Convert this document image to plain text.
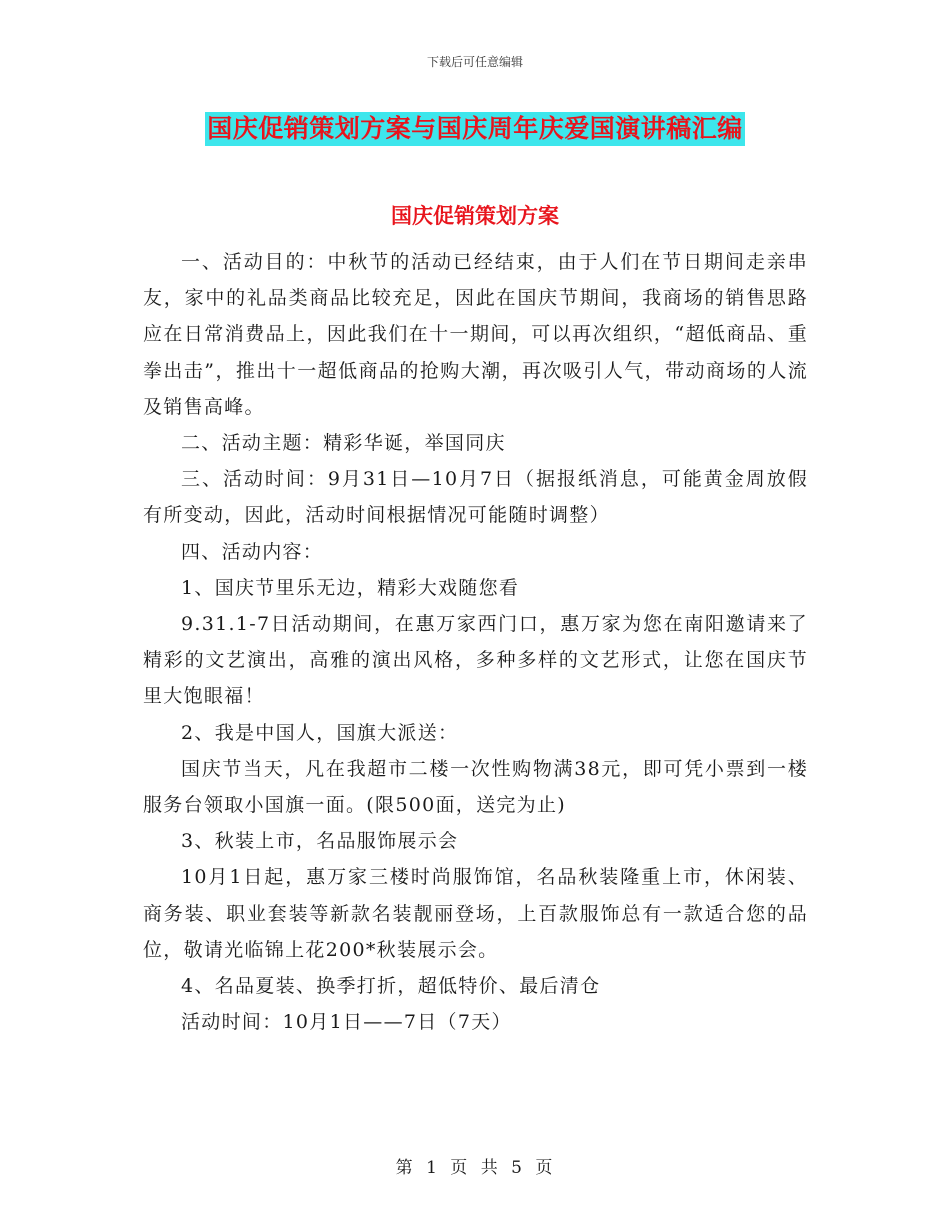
下载后可任意编辑
国庆促销策划方案与国庆周年庆爱国演讲稿汇编
国庆促销策划方案

一、活动目的：中秋节的活动已经结束，由于人们在节日期间走亲串友，家中的礼品类商品比较充足，因此在国庆节期间，我商场的销售思路应在日常消费品上，因此我们在十一期间，可以再次组织，“超低商品、重拳出击”，推出十一超低商品的抢购大潮，再次吸引人气，带动商场的人流及销售高峰。

二、活动主题：精彩华诞，举国同庆

三、活动时间：9月31日—10月7日（据报纸消息，可能黄金周放假有所变动，因此，活动时间根据情况可能随时调整）

四、活动内容：

1、国庆节里乐无边，精彩大戏随您看

9.31.1-7日活动期间，在惠万家西门口，惠万家为您在南阳邀请来了精彩的文艺演出，高雅的演出风格，多种多样的文艺形式，让您在国庆节里大饱眼福！

2、我是中国人，国旗大派送：

国庆节当天，凡在我超市二楼一次性购物满38元，即可凭小票到一楼服务台领取小国旗一面。(限500面，送完为止)

3、秋装上市，名品服饰展示会

10月1日起，惠万家三楼时尚服饰馆，名品秋装隆重上市，休闲装、商务装、职业套装等新款名装靓丽登场，上百款服饰总有一款适合您的品位，敬请光临锦上花200*秋装展示会。

4、名品夏装、换季打折，超低特价、最后清仓

活动时间：10月1日——7日（7天）

第 1 页 共 5 页
